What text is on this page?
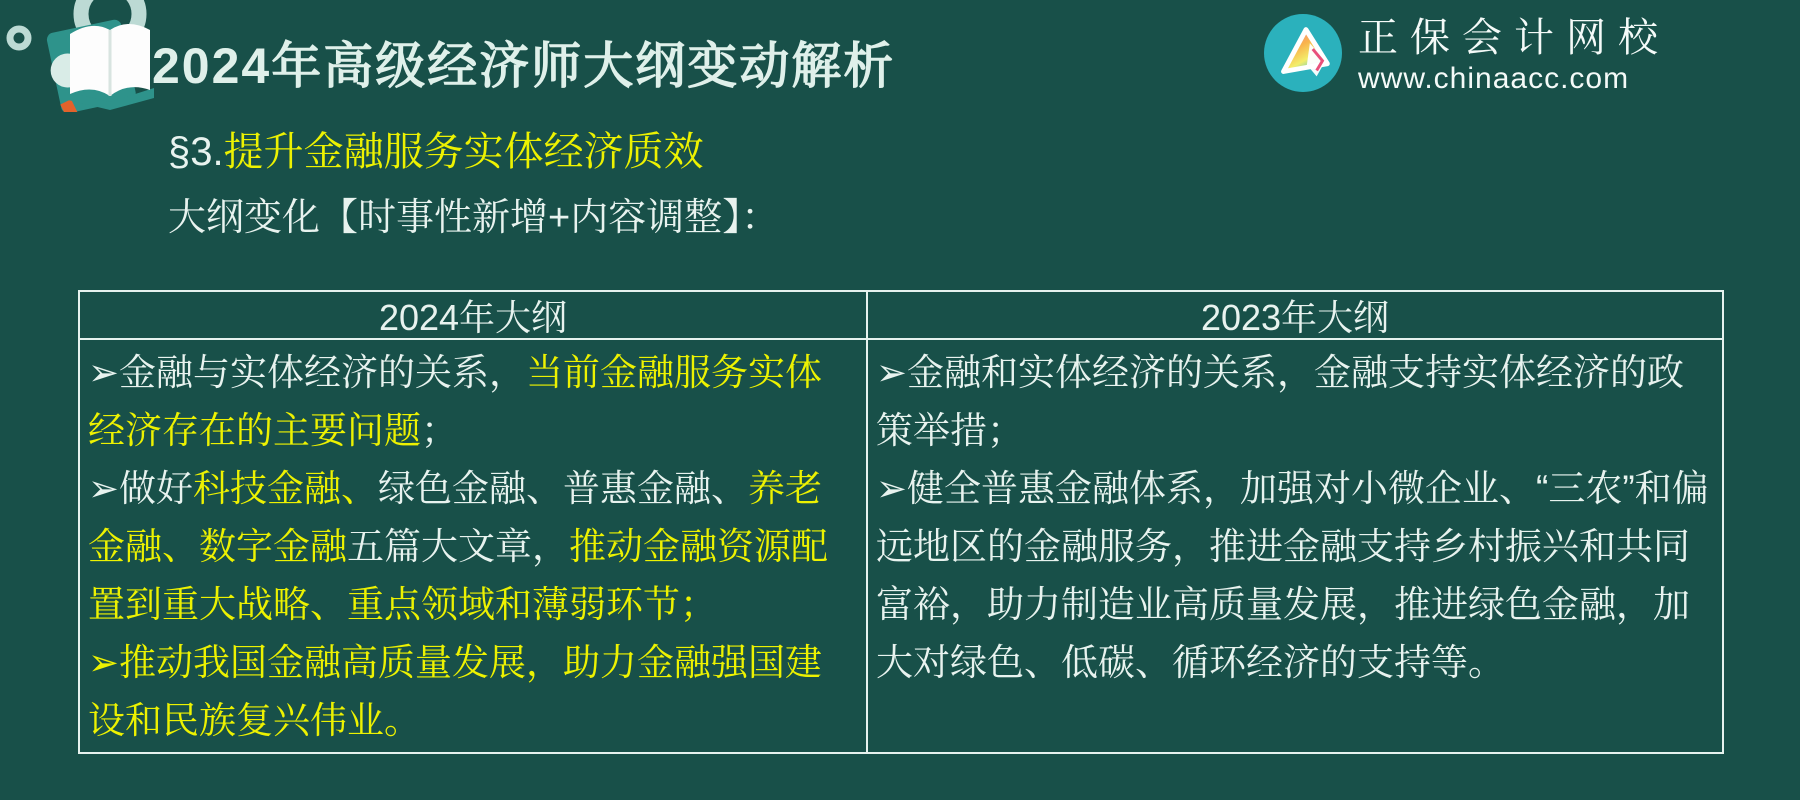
2024年高级经济师大纲变动解析
正保会计网校
www.chinaacc.com
§3.提升金融服务实体经济质效
大纲变化【时事性新增+内容调整】：
2024年大纲	2023年大纲

➢金融与实体经济的关系，当前金融服务实体经济存在的主要问题；

➢做好科技金融、绿色金融、普惠金融、养老金融、数字金融五篇大文章，推动金融资源配置到重大战略、重点领域和薄弱环节；

➢推动我国金融高质量发展，助力金融强国建设和民族复兴伟业。

➢金融和实体经济的关系，金融支持实体经济的政策举措；

➢健全普惠金融体系，加强对小微企业、“三农”和偏远地区的金融服务，推进金融支持乡村振兴和共同富裕，助力制造业高质量发展，推进绿色金融，加大对绿色、低碳、循环经济的支持等。
